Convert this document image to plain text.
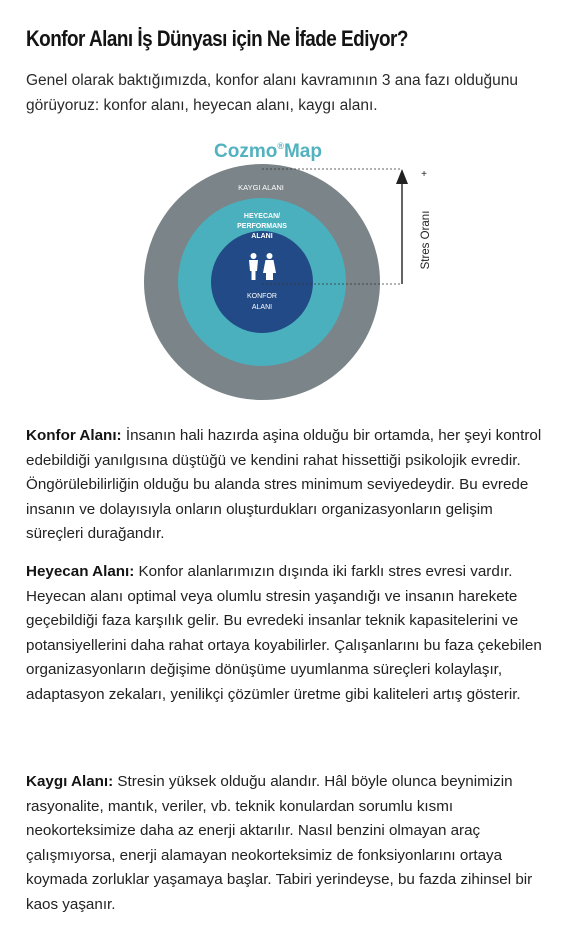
Konfor Alanı İş Dünyası için Ne İfade Ediyor?
Genel olarak baktığımızda, konfor alanı kavramının 3 ana fazı olduğunu görüyoruz: konfor alanı, heyecan alanı, kaygı alanı.
Cozmo®Map
KAYGI ALANI
HEYECAN/
PERFORMANS
ALANI
KONFOR
ALANI
Stres Oranı
+
Konfor Alanı: İnsanın hali hazırda aşina olduğu bir ortamda, her şeyi kontrol edebildiği yanılgısına düştüğü ve kendini rahat hissettiği psikolojik evredir. Öngörülebilirliğin olduğu bu alanda stres minimum seviyedeydir. Bu evrede insanın ve dolayısıyla onların oluşturdukları organizasyonların gelişim süreçleri durağandır.
Heyecan Alanı: Konfor alanlarımızın dışında iki farklı stres evresi vardır. Heyecan alanı optimal veya olumlu stresin yaşandığı ve insanın harekete geçebildiği faza karşılık gelir. Bu evredeki insanlar teknik kapasitelerini ve potansiyellerini daha rahat ortaya koyabilirler. Çalışanlarını bu faza çekebilen organizasyonların değişime dönüşüme uyumlanma süreçleri kolaylaşır, adaptasyon zekaları, yenilikçi çözümler üretme gibi kaliteleri artış gösterir.
Kaygı Alanı: Stresin yüksek olduğu alandır. Hâl böyle olunca beynimizin rasyonalite, mantık, veriler, vb. teknik konulardan sorumlu kısmı neokorteksimize daha az enerji aktarılır. Nasıl benzini olmayan araç çalışmıyorsa, enerji alamayan neokorteksimiz de fonksiyonlarını ortaya koymada zorluklar yaşamaya başlar. Tabiri yerindeyse, bu fazda zihinsel bir kaos yaşanır.
